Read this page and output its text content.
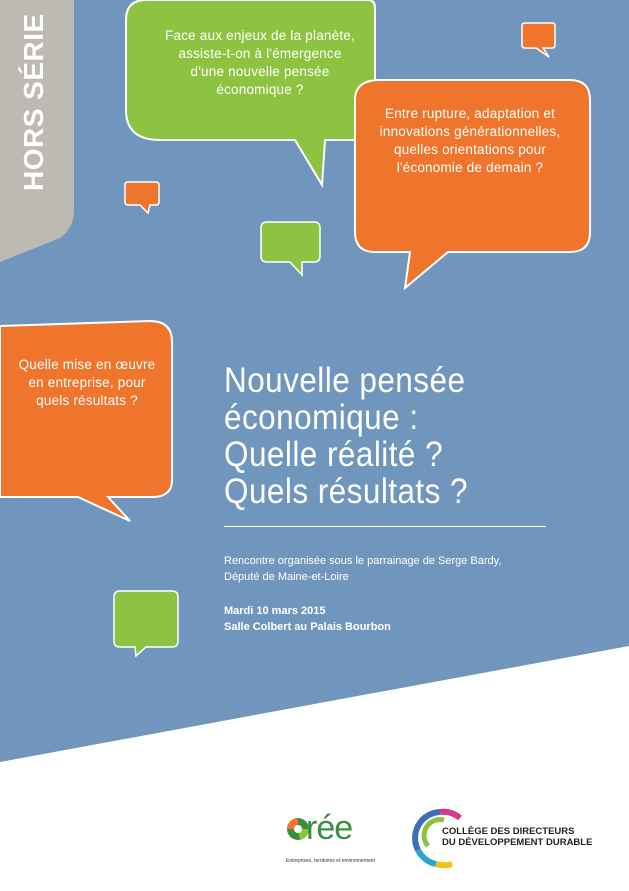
HORS SÉRIE	Face aux enjeux de la planète, assiste-t-on à l'émergence d'une nouvelle pensée économique ?
Entre rupture, adaptation et innovations générationnelles, quelles orientations pour l'économie de demain ?
Quelle mise en œuvre en entreprise, pour quels résultats ?
Nouvelle pensée
économique :
Quelle réalité ?
Quels résultats ?

Rencontre organisée sous le parrainage de Serge Bardy,
Député de Maine-et-Loire

Mardi 10 mars 2015
Salle Colbert au Palais Bourbon

rée
Entreprises, territoires et environnement
COLLÈGE DES DIRECTEURS
DU DÉVELOPPEMENT DURABLE
